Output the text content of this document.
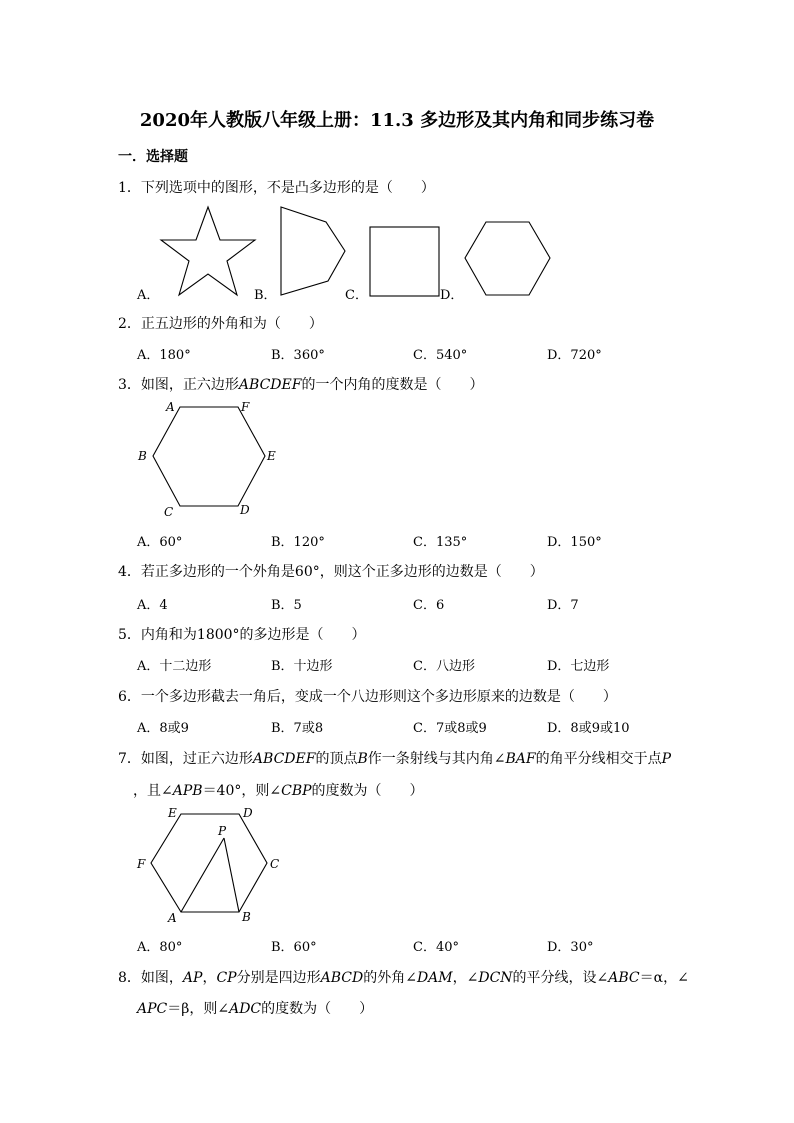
2020年人教版八年级上册：11.3 多边形及其内角和同步练习卷
一．选择题
1．下列选项中的图形，不是凸多边形的是（　　）
A．	B．	C．	D．
2．正五边形的外角和为（　　）
A．180°	B．360°	C．540°	D．720°
3．如图，正六边形ABCDEF的一个内角的度数是（　　）
A	F
B	E
C	D
A．60°	B．120°	C．135°	D．150°
4．若正多边形的一个外角是60°，则这个正多边形的边数是（　　）
A．4	B．5	C．6	D．7
5．内角和为1800°的多边形是（　　）
A．十二边形	B．十边形	C．八边形	D．七边形
6．一个多边形截去一角后，变成一个八边形则这个多边形原来的边数是（　　）
A．8或9	B．7或8	C．7或8或9	D．8或9或10
7．如图，过正六边形ABCDEF的顶点B作一条射线与其内角∠BAF的角平分线相交于点P
，且∠APB＝40°，则∠CBP的度数为（　　）
E	D
P
F	C
A	B
A．80°	B．60°	C．40°	D．30°
8．如图，AP，CP分别是四边形ABCD的外角∠DAM，∠DCN的平分线，设∠ABC＝α，∠
APC＝β，则∠ADC的度数为（　　）
